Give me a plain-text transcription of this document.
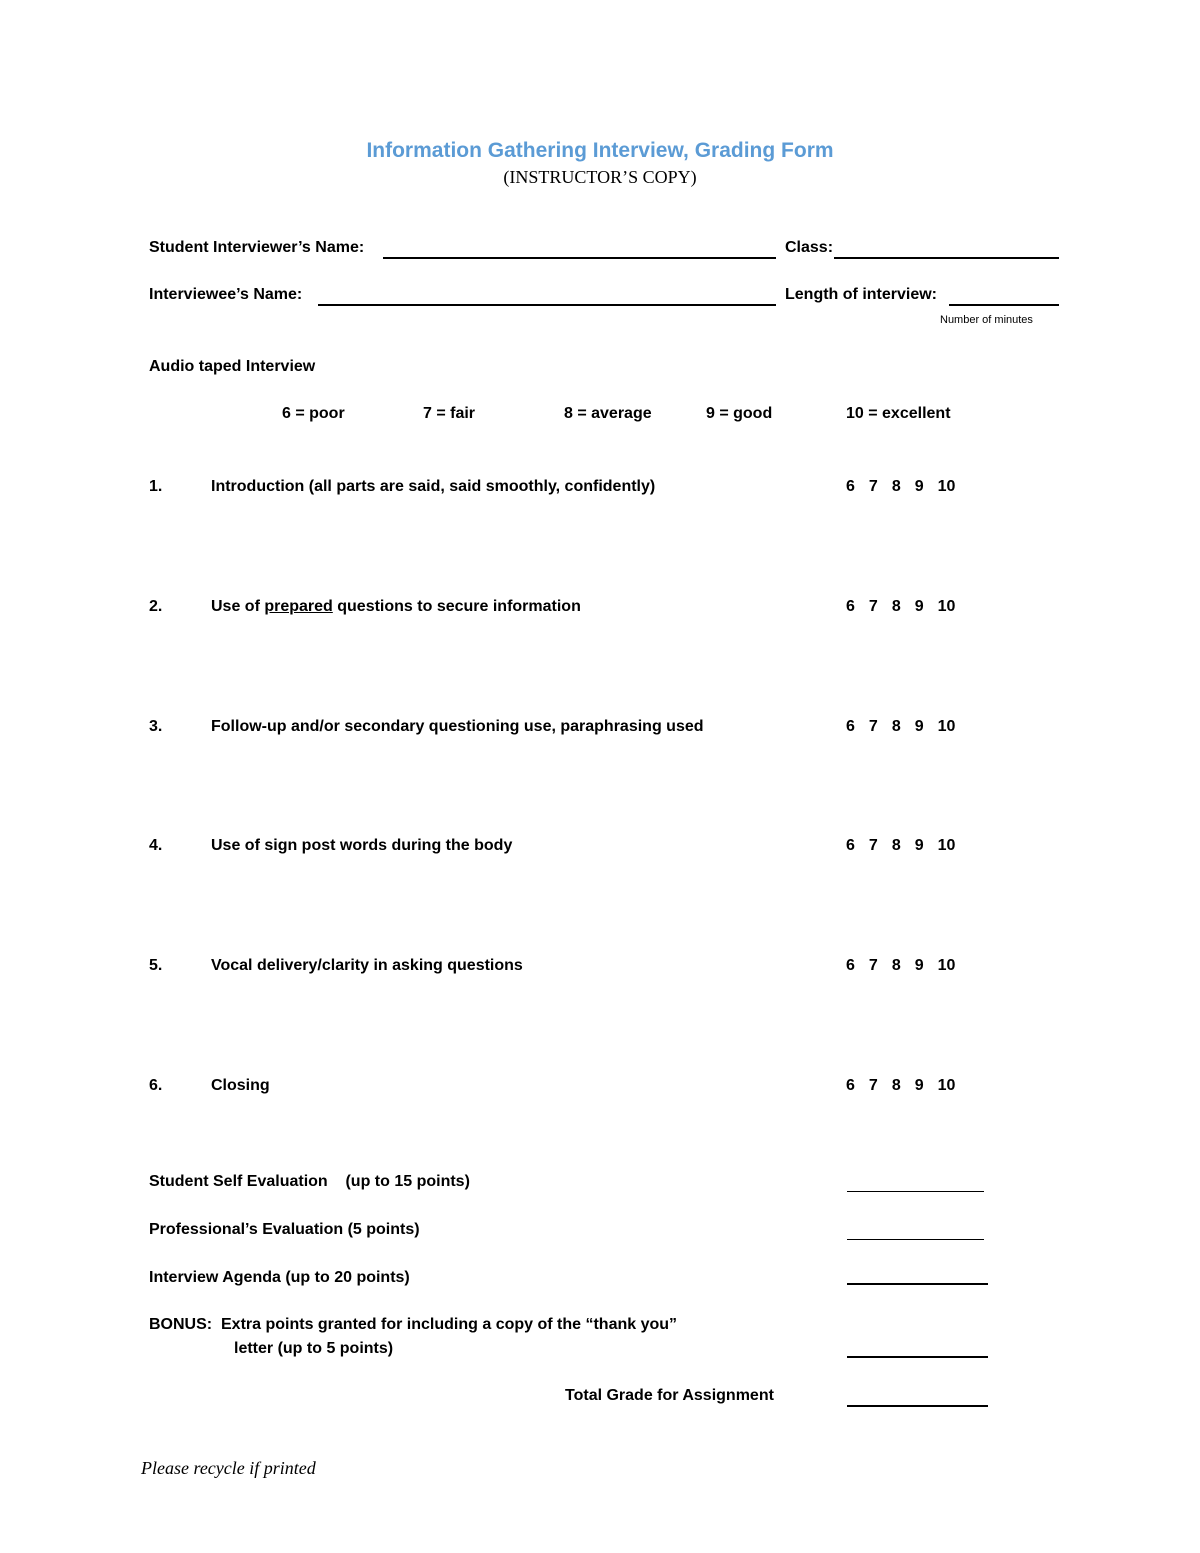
Information Gathering Interview, Grading Form
(INSTRUCTOR’S COPY)
Student Interviewer’s Name:	Class:
Interviewee’s Name:	Length of interview:
Number of minutes
Audio taped Interview
6 = poor	7 = fair	8 = average	9 = good	10 = excellent
1.	Introduction (all parts are said, said smoothly, confidently)	6 7 8 9 10
2.	Use of prepared questions to secure information	6 7 8 9 10
3.	Follow-up and/or secondary questioning use, paraphrasing used	6 7 8 9 10
4.	Use of sign post words during the body	6 7 8 9 10
5.	Vocal delivery/clarity in asking questions	6 7 8 9 10
6.	Closing	6 7 8 9 10
Student Self Evaluation    (up to 15 points)
Professional’s Evaluation (5 points)
Interview Agenda (up to 20 points)
BONUS:  Extra points granted for including a copy of the “thank you”
letter (up to 5 points)
Total Grade for Assignment
Please recycle if printed
